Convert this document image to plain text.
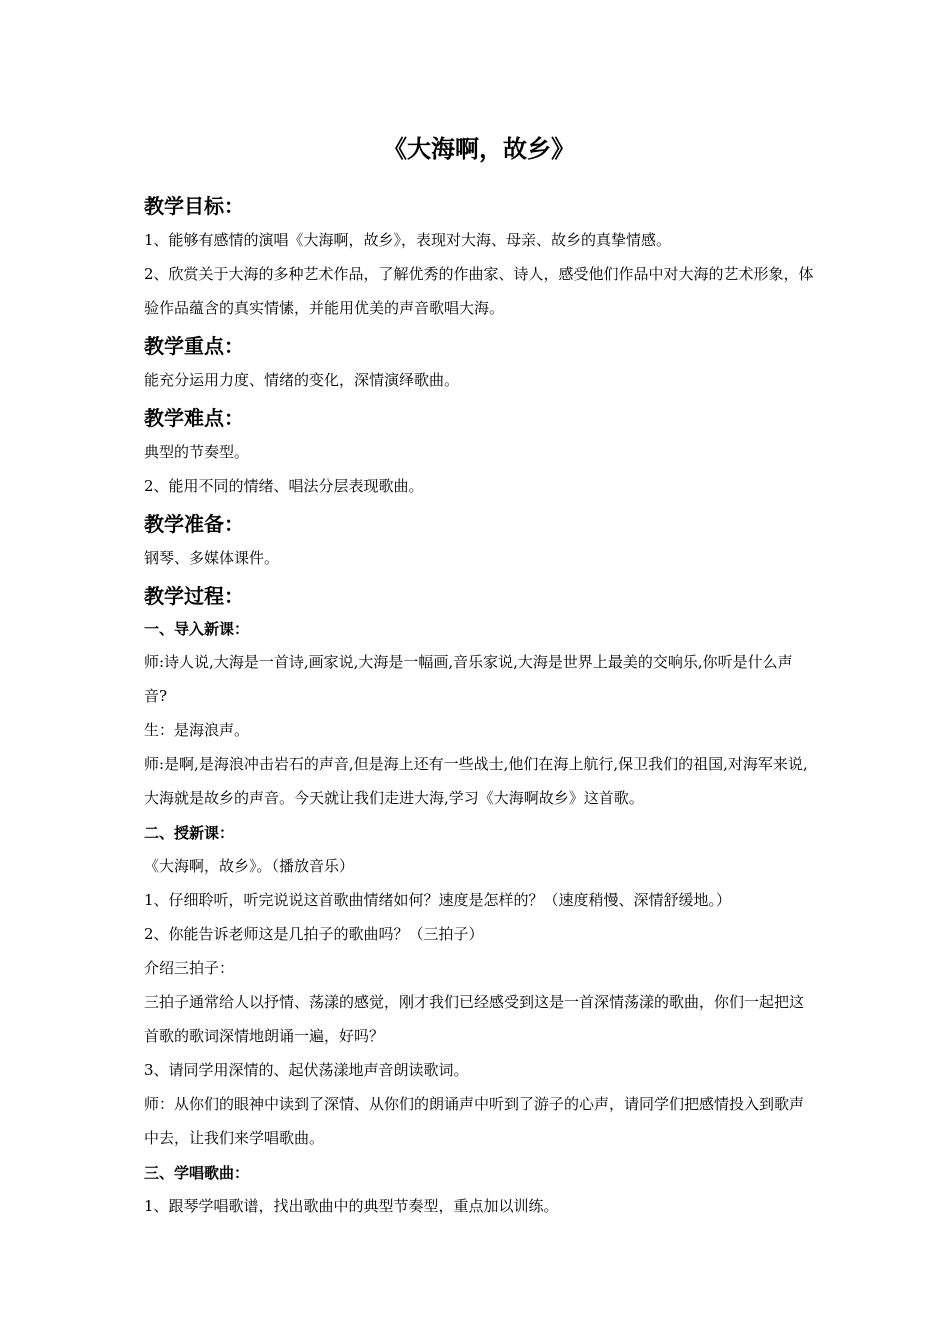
《大海啊，故乡》
教学目标：

1、能够有感情的演唱《大海啊，故乡》，表现对大海、母亲、故乡的真挚情感。

2、欣赏关于大海的多种艺术作品，了解优秀的作曲家、诗人，感受他们作品中对大海的艺术形象，体验作品蕴含的真实情愫，并能用优美的声音歌唱大海。

教学重点：

能充分运用力度、情绪的变化，深情演绎歌曲。

教学难点：

典型的节奏型。

2、能用不同的情绪、唱法分层表现歌曲。

教学准备：

钢琴、多媒体课件。

教学过程：
一、导入新课：

师:诗人说,大海是一首诗,画家说,大海是一幅画,音乐家说,大海是世界上最美的交响乐,你听是什么声音?

生：是海浪声。

师:是啊,是海浪冲击岩石的声音,但是海上还有一些战士,他们在海上航行,保卫我们的祖国,对海军来说,大海就是故乡的声音。今天就让我们走进大海,学习《大海啊故乡》这首歌。

二、授新课：

《大海啊，故乡》。（播放音乐）

1、仔细聆听，听完说说这首歌曲情绪如何？速度是怎样的？（速度稍慢、深情舒缓地。）

2、你能告诉老师这是几拍子的歌曲吗？（三拍子）

介绍三拍子：

三拍子通常给人以抒情、荡漾的感觉，刚才我们已经感受到这是一首深情荡漾的歌曲，你们一起把这首歌的歌词深情地朗诵一遍，好吗？

3、请同学用深情的、起伏荡漾地声音朗读歌词。

师：从你们的眼神中读到了深情、从你们的朗诵声中听到了游子的心声，请同学们把感情投入到歌声中去，让我们来学唱歌曲。

三、学唱歌曲：

1、跟琴学唱歌谱，找出歌曲中的典型节奏型，重点加以训练。
